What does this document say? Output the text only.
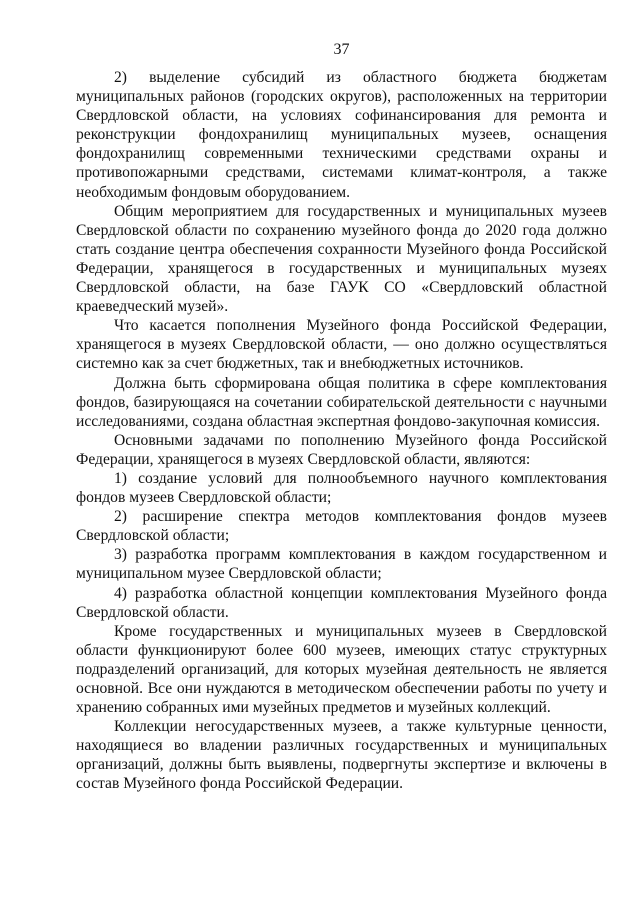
37

2) выделение субсидий из областного бюджета бюджетам муниципальных районов (городских округов), расположенных на территории Свердловской области, на условиях софинансирования для ремонта и реконструкции фондохранилищ муниципальных музеев, оснащения фондохранилищ современными техническими средствами охраны и противопожарными средствами, системами климат-контроля, а также необходимым фондовым оборудованием.

Общим мероприятием для государственных и муниципальных музеев Свердловской области по сохранению музейного фонда до 2020 года должно стать создание центра обеспечения сохранности Музейного фонда Российской Федерации, хранящегося в государственных и муниципальных музеях Свердловской области, на базе ГАУК СО «Свердловский областной краеведческий музей».

Что касается пополнения Музейного фонда Российской Федерации, хранящегося в музеях Свердловской области, — оно должно осуществляться системно как за счет бюджетных, так и внебюджетных источников.

Должна быть сформирована общая политика в сфере комплектования фондов, базирующаяся на сочетании собирательской деятельности с научными исследованиями, создана областная экспертная фондово-закупочная комиссия.

Основными задачами по пополнению Музейного фонда Российской Федерации, хранящегося в музеях Свердловской области, являются:

1) создание условий для полнообъемного научного комплектования фондов музеев Свердловской области;

2) расширение спектра методов комплектования фондов музеев Свердловской области;

3) разработка программ комплектования в каждом государственном и муниципальном музее Свердловской области;

4) разработка областной концепции комплектования Музейного фонда Свердловской области.

Кроме государственных и муниципальных музеев в Свердловской области функционируют более 600 музеев, имеющих статус структурных подразделений организаций, для которых музейная деятельность не является основной. Все они нуждаются в методическом обеспечении работы по учету и хранению собранных ими музейных предметов и музейных коллекций.

Коллекции негосударственных музеев, а также культурные ценности, находящиеся во владении различных государственных и муниципальных организаций, должны быть выявлены, подвергнуты экспертизе и включены в состав Музейного фонда Российской Федерации.
